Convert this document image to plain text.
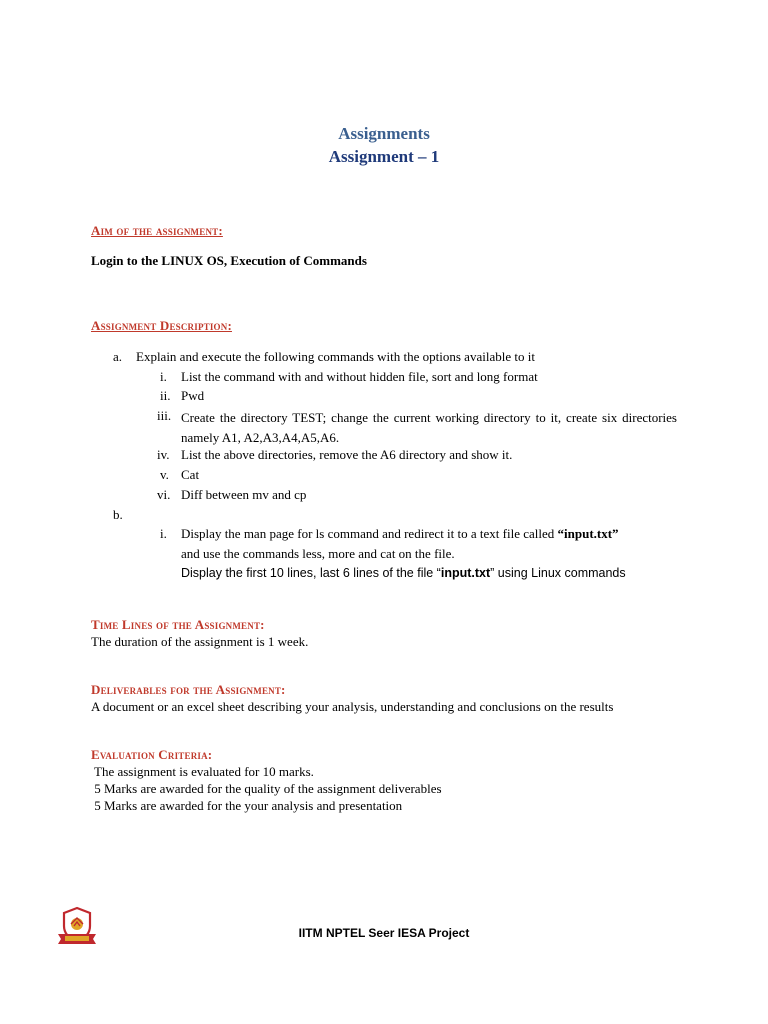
Assignments
Assignment – 1
Aim of the assignment:
Login to the LINUX OS, Execution of Commands
Assignment Description:
a. Explain and execute the following commands with the options available to it
i. List the command with and without hidden file, sort and long format
ii. Pwd
iii. Create the directory TEST; change the current working directory to it, create six directories namely A1, A2,A3,A4,A5,A6.
iv. List the above directories, remove the A6 directory and show it.
v. Cat
vi. Diff between mv and cp
b.
i. Display the man page for ls command and redirect it to a text file called “input.txt”
and use the commands less, more and cat on the file.
Display the first 10 lines, last 6 lines of the file “input.txt” using Linux commands
Time Lines of the Assignment:
The duration of the assignment is 1 week.
Deliverables for the Assignment:
A document or an excel sheet describing your analysis, understanding and conclusions on the results
Evaluation Criteria:
The assignment is evaluated for 10 marks.
5 Marks are awarded for the quality of the assignment deliverables
5 Marks are awarded for the your analysis and presentation
IITM NPTEL Seer IESA Project
